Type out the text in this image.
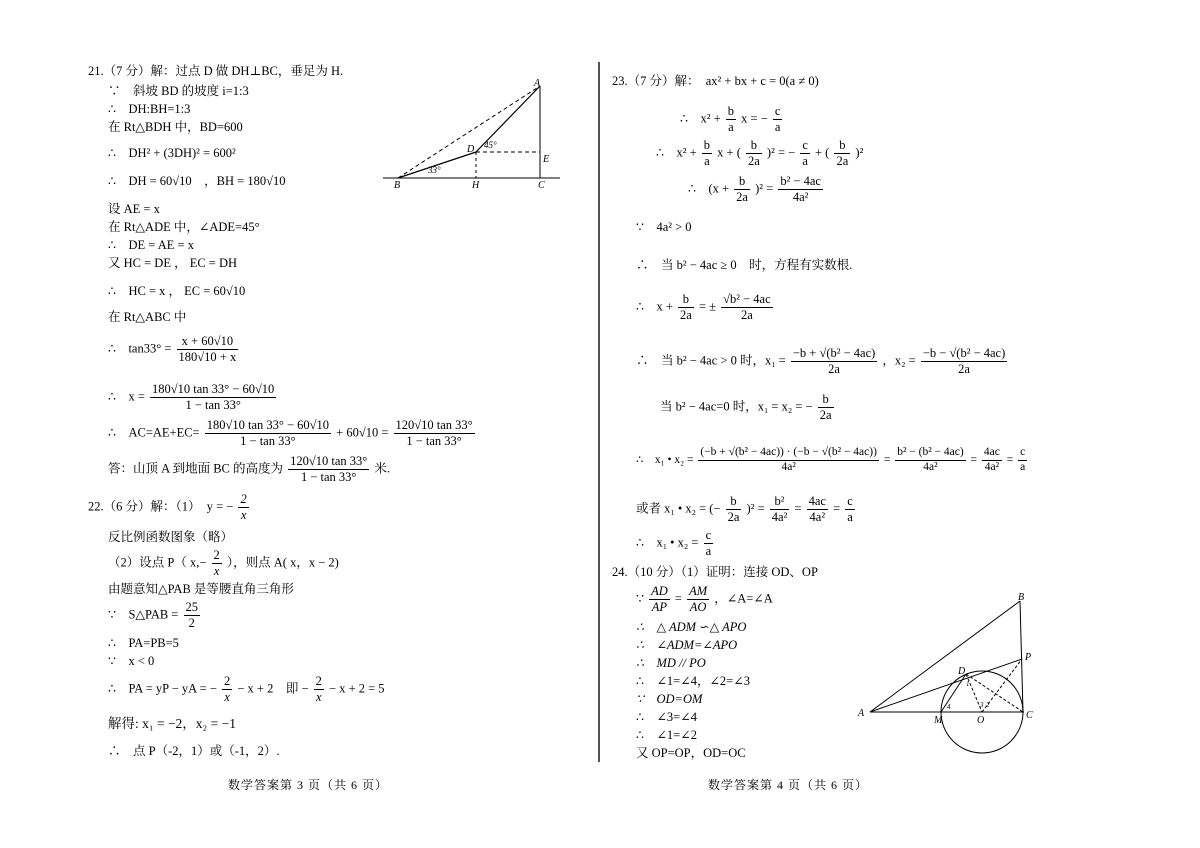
21.（7 分）解：过点 D 做 DH⊥BC，垂足为 H.
∵　斜坡 BD 的坡度 i=1:3
∴　DH:BH=1:3
在 Rt△BDH 中，BD=600
∴　DH² + (3DH)² = 600²
∴　DH = 60√10　，BH = 180√10
设 AE = x
在 Rt△ADE 中，∠ADE=45°
∴　DE = AE = x
又 HC = DE ， EC = DH
∴　HC = x ， EC = 60√10
在 Rt△ABC 中
∴　$\tan 33^\circ = \frac{x + 60√10}{180√10 + x}$
∴　$x = \frac{180√10 \tan 33^\circ - 60√10}{1 - \tan 33^\circ}$
∴　$AC=AE+EC= \frac{180√10 \tan 33^\circ - 60√10}{1 - \tan 33^\circ} + 60√10 = \frac{120√10 \tan 33^\circ}{1 - \tan 33^\circ}$
答：山顶 A 到地面 BC 的高度为 $\frac{120√10 \tan 33^\circ}{1 - \tan 33^\circ}$ 米.
A
B	C
D
E
H
45°
33°
22.（6 分）解：（1）　y = − $\frac{2}{x}$
反比例函数图象（略）
（2）设点 P（ $x,- \frac{2}{x}$ ），则点 A( x，x − 2)
由题意知△PAB 是等腰直角三角形
∵　S△PAB = $\frac{25}{2}$
∴　PA=PB=5
∵　x < 0
∴　PA = yP − yA = − $\frac{2}{x} - x + 2$　即 − $\frac{2}{x} - x + 2 = 5$
解得: x₁ = −2，x₂ = −1
∴　点 P（-2，1）或（-1，2）.
数学答案第 3 页（共 6 页）
23.（7 分）解：　ax² + bx + c = 0(a ≠ 0)
∴　$x^2 + \frac{b}{a}$ x = − $\frac{c}{a}$
∴　$x^2 + \frac{b}{a}$ x + ( $\frac{b}{2a} )^2$ = − $\frac{c}{a}$ + ( $\frac{b}{2a} )^2$
∴　$(x + \frac{b}{2a} )^2 = \frac{\text{b² − 4ac}}{\text{4a²}}$
∵　4a² > 0
∴　当 b² − 4ac ≥ 0　时，方程有实数根.
∴　$x + \frac{b}{2a}$ = ± $\frac{\text{√b² − 4ac}}{2a}$
∴　当 b² − 4ac > 0 时，$x_1 = \frac{\text{−b + √(b² − 4ac)}}{2a}$ ，$x_2 = \frac{\text{−b − √(b² − 4ac)}}{2a}$
当 b² − 4ac=0 时，x₁ = x₂ = − $\frac{b}{2a}$
∴　x₁ • $x_2 = \frac{\text{(−b + √(b² − 4ac)) · (−b − √(b² − 4ac))}}{\text{4a²}} = \frac{\text{b² − (b² − 4ac)}}{\text{4a²}} = \frac{4ac}{\text{4a²}} = \frac{c}{a}$
或者 x₁ • x₂ = (− $\frac{b}{2a} )^2 = \frac{\text{b²}}{\text{4a²}} = \frac{4ac}{\text{4a²}} = \frac{c}{a}$
∴　x₁ • $x_2 = \frac{c}{a}$
24.（10 分）（1）证明：连接 OD、OP
∵ $\frac{AD}{AP} = \frac{AM}{AO}$ ，∠A=∠A
∴　△ ADM ∽△ APO
∴　∠ADM=∠APO
∴　MD // PO
∴　∠1=∠4，∠2=∠3
∵　OD=OM
∴　∠3=∠4
∴　∠1=∠2
又 OP=OP，OD=OC
A
B
C
D
M	O
P
1
2
3
4
数学答案第 4 页（共 6 页）
